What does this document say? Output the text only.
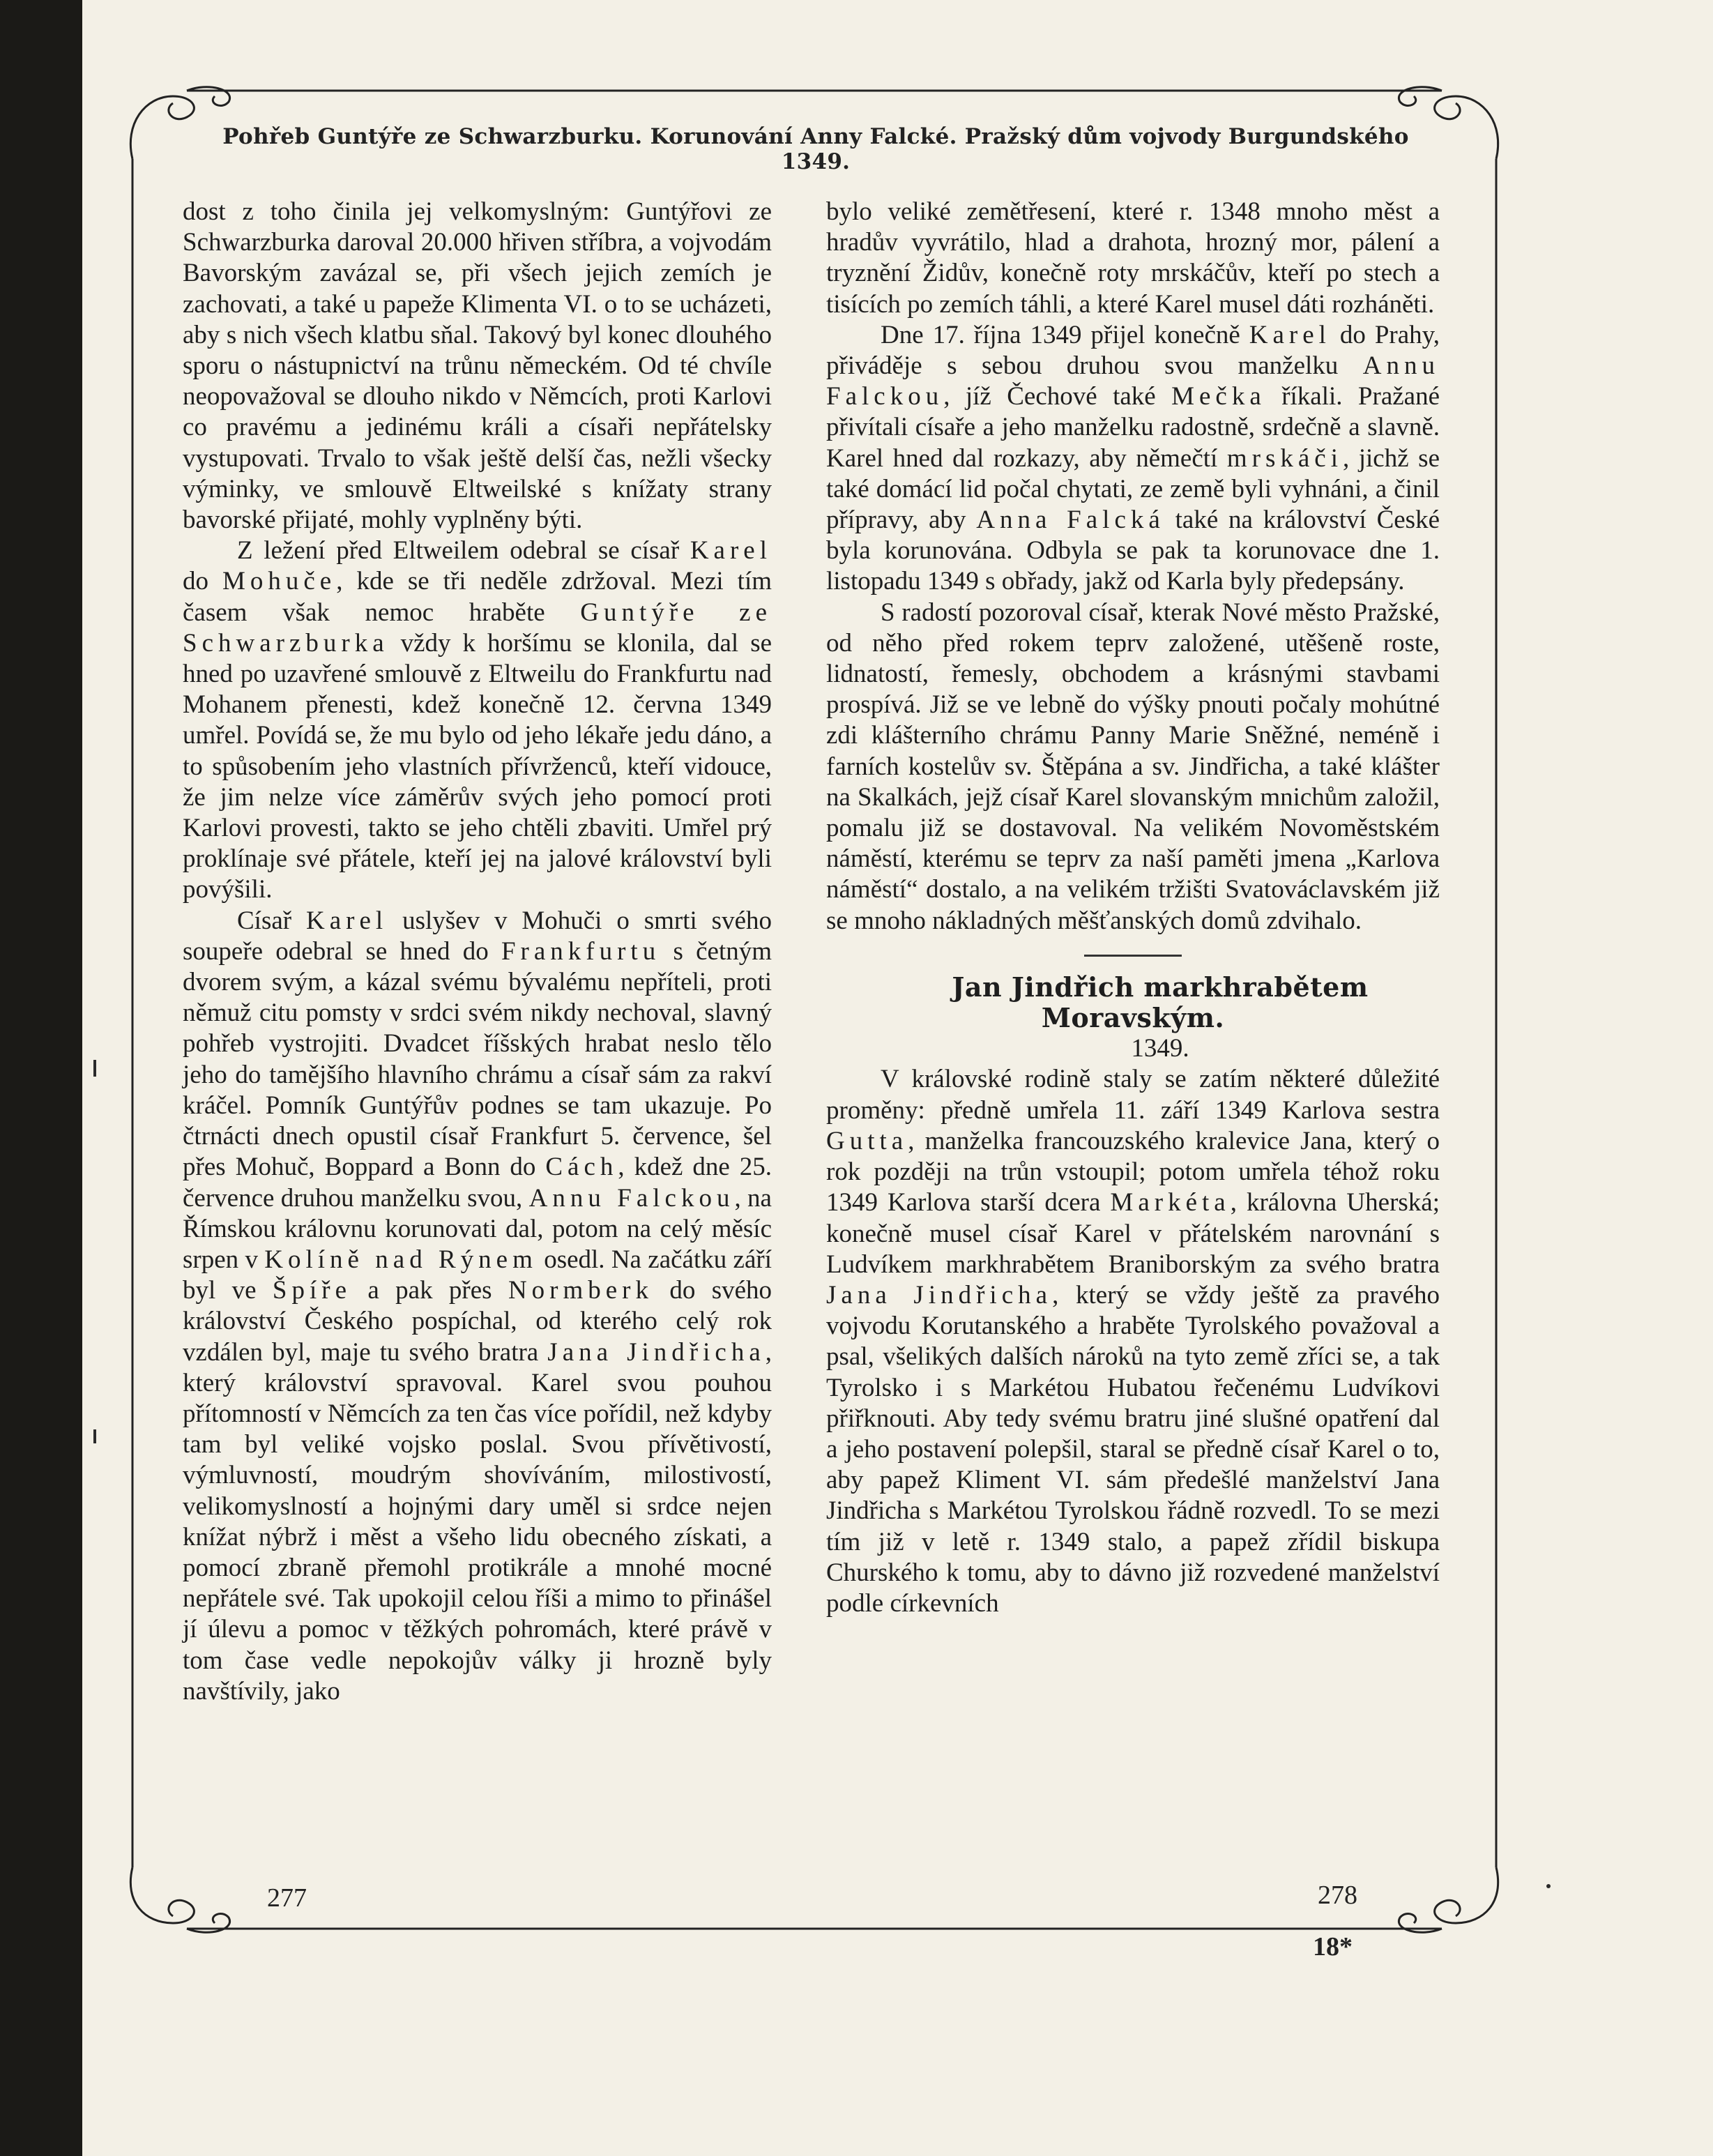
Pohřeb Guntýře ze Schwarzburku. Korunování Anny Falcké. Pražský dům vojvody Burgundského 1349.

dost z toho činila jej velkomyslným: Guntýřovi ze Schwarzburka daroval 20.000 hřiven stříbra, a vojvodám Bavorským zavázal se, při všech jejich zemích je zachovati, a také u papeže Klimenta VI. o to se ucházeti, aby s nich všech klatbu sňal. Takový byl konec dlouhého sporu o nástupnictví na trůnu německém. Od té chvíle neopovažoval se dlouho nikdo v Němcích, proti Karlovi co pravému a jedinému králi a císaři nepřátelsky vystupovati. Trvalo to však ještě delší čas, nežli všecky výminky, ve smlouvě Eltweilské s knížaty strany bavorské přijaté, mohly vyplněny býti.

Z ležení před Eltweilem odebral se císař Karel do Mohuče, kde se tři neděle zdržoval. Mezi tím časem však nemoc hraběte Guntýře ze Schwarzburka vždy k horšímu se klonila, dal se hned po uzavřené smlouvě z Eltweilu do Frankfurtu nad Mohanem přenesti, kdež konečně 12. června 1349 umřel. Povídá se, že mu bylo od jeho lékaře jedu dáno, a to spůsobením jeho vlastních přívrženců, kteří vidouce, že jim nelze více záměrův svých jeho pomocí proti Karlovi provesti, takto se jeho chtěli zbaviti. Umřel prý proklínaje své přátele, kteří jej na jalové království byli povýšili.

Císař Karel uslyšev v Mohuči o smrti svého soupeře odebral se hned do Frankfurtu s četným dvorem svým, a kázal svému bývalému nepříteli, proti němuž citu pomsty v srdci svém nikdy nechoval, slavný pohřeb vystrojiti. Dvadcet říšských hrabat neslo tělo jeho do tamějšího hlavního chrámu a císař sám za rakví kráčel. Pomník Guntýřův podnes se tam ukazuje. Po čtrnácti dnech opustil císař Frankfurt 5. července, šel přes Mohuč, Boppard a Bonn do Cách, kdež dne 25. července druhou manželku svou, Annu Falckou, na Římskou královnu korunovati dal, potom na celý měsíc srpen v Kolíně nad Rýnem osedl. Na začátku září byl ve Špíře a pak přes Normberk do svého království Českého pospíchal, od kterého celý rok vzdálen byl, maje tu svého bratra Jana Jindřicha, který království spravoval. Karel svou pouhou přítomností v Němcích za ten čas více pořídil, než kdyby tam byl veliké vojsko poslal. Svou přívětivostí, výmluvností, moudrým shovíváním, milostivostí, velikomyslností a hojnými dary uměl si srdce nejen knížat nýbrž i měst a všeho lidu obecného získati, a pomocí zbraně přemohl protikrále a mnohé mocné nepřátele své. Tak upokojil celou říši a mimo to přinášel jí úlevu a pomoc v těžkých pohromách, které právě v tom čase vedle nepokojův války ji hrozně byly navštívily, jako

bylo veliké zemětřesení, které r. 1348 mnoho měst a hradův vyvrátilo, hlad a drahota, hrozný mor, pálení a tryznění Židův, konečně roty mrskáčův, kteří po stech a tisících po zemích táhli, a které Karel musel dáti rozháněti.

Dne 17. října 1349 přijel konečně Karel do Prahy, přiváděje s sebou druhou svou manželku Annu Falckou, jíž Čechové také Mečka říkali. Pražané přivítali císaře a jeho manželku radostně, srdečně a slavně. Karel hned dal rozkazy, aby němečtí mrskáči, jichž se také domácí lid počal chytati, ze země byli vyhnáni, a činil přípravy, aby Anna Falcká také na království České byla korunována. Odbyla se pak ta korunovace dne 1. listopadu 1349 s obřady, jakž od Karla byly předepsány.

S radostí pozoroval císař, kterak Nové město Pražské, od něho před rokem teprv založené, utěšeně roste, lidnatostí, řemesly, obchodem a krásnými stavbami prospívá. Již se ve lebně do výšky pnouti počaly mohútné zdi klášterního chrámu Panny Marie Sněžné, neméně i farních kostelův sv. Štěpána a sv. Jindřicha, a také klášter na Skalkách, jejž císař Karel slovanským mnichům založil, pomalu již se dostavoval. Na velikém Novoměstském náměstí, kterému se teprv za naší paměti jmena „Karlova náměstí“ dostalo, a na velikém tržišti Svatováclavském již se mnoho nákladných měšťanských domů zdvihalo.

Jan Jindřich markhrabětem Moravským.

1349.

V královské rodině staly se zatím některé důležité proměny: předně umřela 11. září 1349 Karlova sestra Gutta, manželka francouzského kralevice Jana, který o rok později na trůn vstoupil; potom umřela téhož roku 1349 Karlova starší dcera Markéta, královna Uherská; konečně musel císař Karel v přátelském narovnání s Ludvíkem markhrabětem Braniborským za svého bratra Jana Jindřicha, který se vždy ještě za pravého vojvodu Korutanského a hraběte Tyrolského považoval a psal, všelikých dalších nároků na tyto země zříci se, a tak Tyrolsko i s Markétou Hubatou řečenému Ludvíkovi přiřknouti. Aby tedy svému bratru jiné slušné opatření dal a jeho postavení polepšil, staral se předně císař Karel o to, aby papež Kliment VI. sám předešlé manželství Jana Jindřicha s Markétou Tyrolskou řádně rozvedl. To se mezi tím již v letě r. 1349 stalo, a papež zřídil biskupa Churského k tomu, aby to dávno již rozvedené manželství podle církevních

277	278
18*
